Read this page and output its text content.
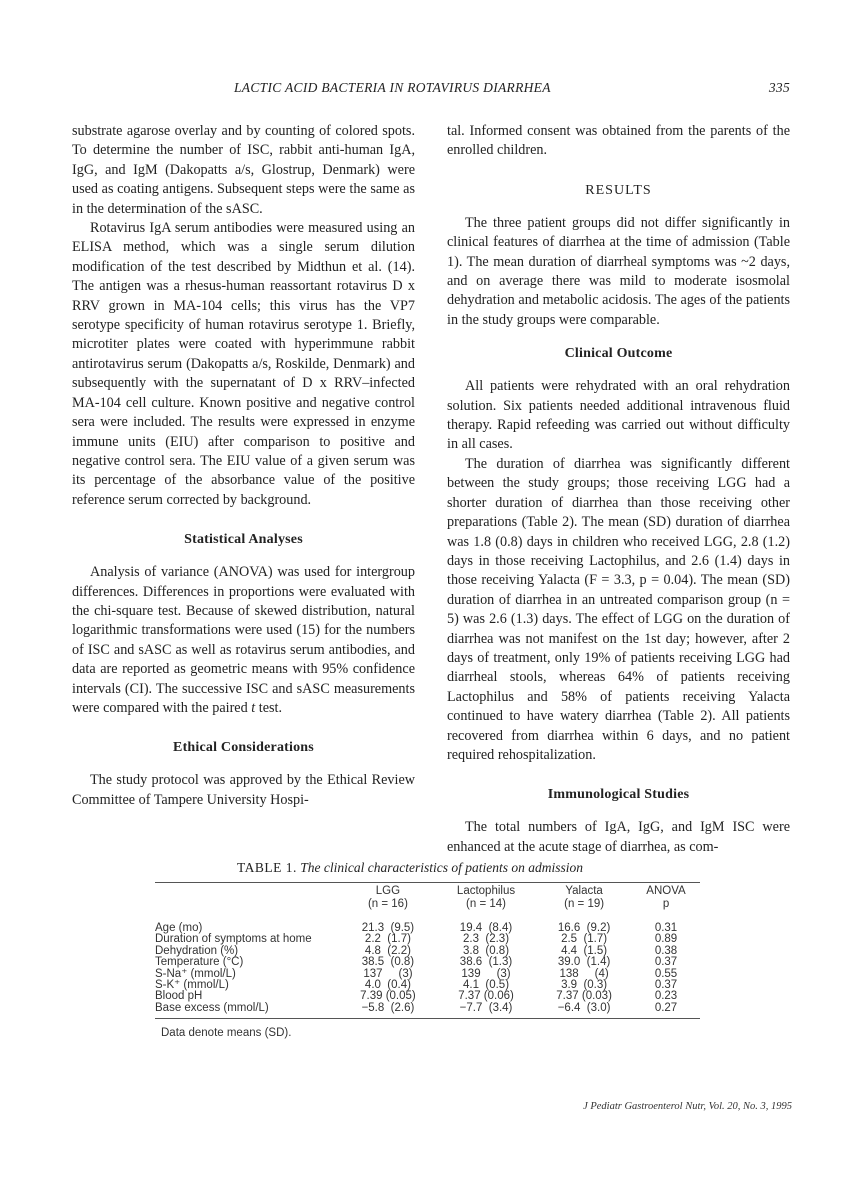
LACTIC ACID BACTERIA IN ROTAVIRUS DIARRHEA	335

substrate agarose overlay and by counting of colored spots. To determine the number of ISC, rabbit anti-human IgA, IgG, and IgM (Dakopatts a/s, Glostrup, Denmark) were used as coating antigens. Subsequent steps were the same as in the determination of the sASC.

Rotavirus IgA serum antibodies were measured using an ELISA method, which was a single serum dilution modification of the test described by Midthun et al. (14). The antigen was a rhesus-human reassortant rotavirus D x RRV grown in MA-104 cells; this virus has the VP7 serotype specificity of human rotavirus serotype 1. Briefly, microtiter plates were coated with hyperimmune rabbit antirotavirus serum (Dakopatts a/s, Roskilde, Denmark) and subsequently with the supernatant of D x RRV–infected MA-104 cell culture. Known positive and negative control sera were included. The results were expressed in enzyme immune units (EIU) after comparison to positive and negative control sera. The EIU value of a given serum was its percentage of the absorbance value of the positive reference serum corrected by background.

Statistical Analyses

Analysis of variance (ANOVA) was used for intergroup differences. Differences in proportions were evaluated with the chi-square test. Because of skewed distribution, natural logarithmic transformations were used (15) for the numbers of ISC and sASC as well as rotavirus serum antibodies, and data are reported as geometric means with 95% confidence intervals (CI). The successive ISC and sASC measurements were compared with the paired t test.

Ethical Considerations

The study protocol was approved by the Ethical Review Committee of Tampere University Hospi-

tal. Informed consent was obtained from the parents of the enrolled children.

RESULTS

The three patient groups did not differ significantly in clinical features of diarrhea at the time of admission (Table 1). The mean duration of diarrheal symptoms was ~2 days, and on average there was mild to moderate isosmolal dehydration and metabolic acidosis. The ages of the patients in the study groups were comparable.

Clinical Outcome

All patients were rehydrated with an oral rehydration solution. Six patients needed additional intravenous fluid therapy. Rapid refeeding was carried out without difficulty in all cases.

The duration of diarrhea was significantly different between the study groups; those receiving LGG had a shorter duration of diarrhea than those receiving other preparations (Table 2). The mean (SD) duration of diarrhea was 1.8 (0.8) days in children who received LGG, 2.8 (1.2) days in those receiving Lactophilus, and 2.6 (1.4) days in those receiving Yalacta (F = 3.3, p = 0.04). The mean (SD) duration of diarrhea in an untreated comparison group (n = 5) was 2.6 (1.3) days. The effect of LGG on the duration of diarrhea was not manifest on the 1st day; however, after 2 days of treatment, only 19% of patients receiving LGG had diarrheal stools, whereas 64% of patients receiving Lactophilus and 58% of patients receiving Yalacta continued to have watery diarrhea (Table 2). All patients recovered from diarrhea within 6 days, and no patient required rehospitalization.

Immunological Studies

The total numbers of IgA, IgG, and IgM ISC were enhanced at the acute stage of diarrhea, as com-

TABLE 1. The clinical characteristics of patients on admission
	LGG	Lactophilus	Yalacta	ANOVA
	(n = 16)	(n = 14)	(n = 19)	p

Age (mo)	21.3  (9.5)	19.4  (8.4)	16.6  (9.2)	0.31
Duration of symptoms at home	2.2  (1.7)	2.3  (2.3)	2.5  (1.7)	0.89
Dehydration (%)	4.8  (2.2)	3.8  (0.8)	4.4  (1.5)	0.38
Temperature (°C)	38.5  (0.8)	38.6  (1.3)	39.0  (1.4)	0.37
S-Na⁺ (mmol/L)	137     (3)	139     (3)	138     (4)	0.55
S-K⁺ (mmol/L)	4.0  (0.4)	4.1  (0.5)	3.9  (0.3)	0.37
Blood pH	7.39 (0.05)	7.37 (0.06)	7.37 (0.03)	0.23
Base excess (mmol/L)	−5.8  (2.6)	−7.7  (3.4)	−6.4  (3.0)	0.27
Data denote means (SD).
J Pediatr Gastroenterol Nutr, Vol. 20, No. 3, 1995
